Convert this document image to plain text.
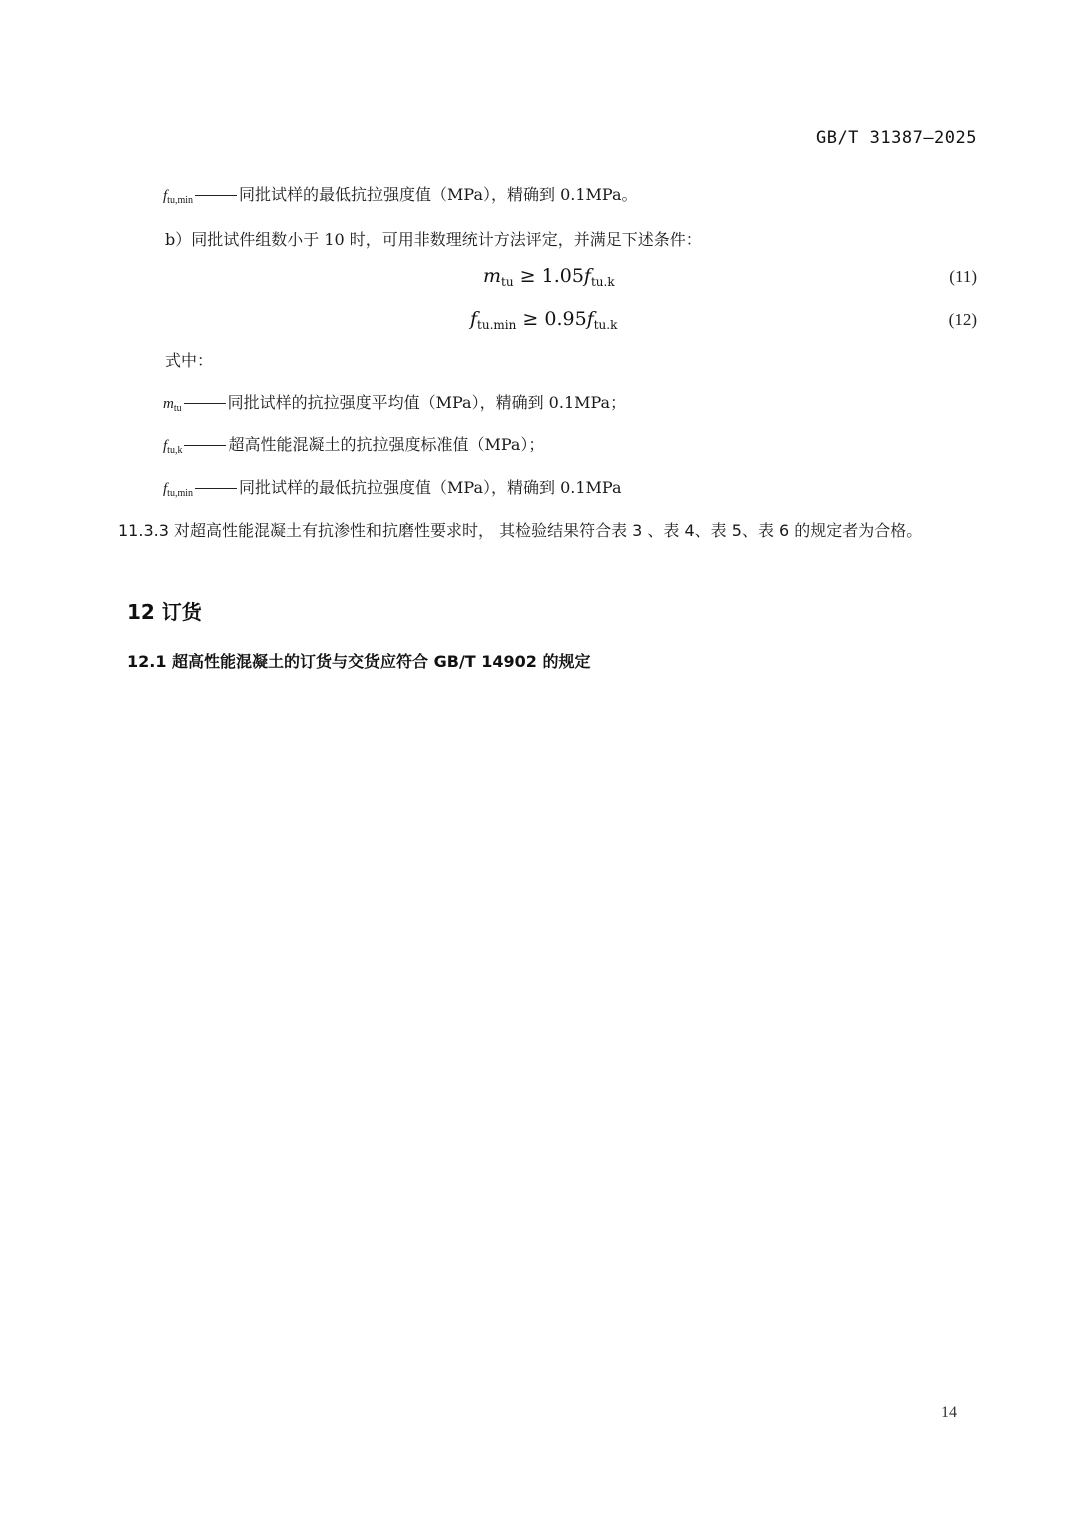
GB/T 31387—2025
$f_{tu,min}$	同批试样的最低抗拉强度值（MPa），精确到 0.1MPa。
b）同批试件组数小于 10 时，可用非数理统计方法评定，并满足下述条件：
$m_{tu} \ge 1.05f_{tu.k}$	(11)
$f_{tu.min} \ge 0.95f_{tu.k}$	(12)
式中：
$m_{tu}$	同批试样的抗拉强度平均值（MPa），精确到 0.1MPa；
$f_{tu,k}$	超高性能混凝土的抗拉强度标准值（MPa）；
$f_{tu,min}$	同批试样的最低抗拉强度值（MPa），精确到 0.1MPa
11.3.3 对超高性能混凝土有抗渗性和抗磨性要求时， 其检验结果符合表 3 、表 4、表 5、表 6 的规定者为合格。
12 订货
12.1 超高性能混凝土的订货与交货应符合 GB/T 14902 的规定
14
